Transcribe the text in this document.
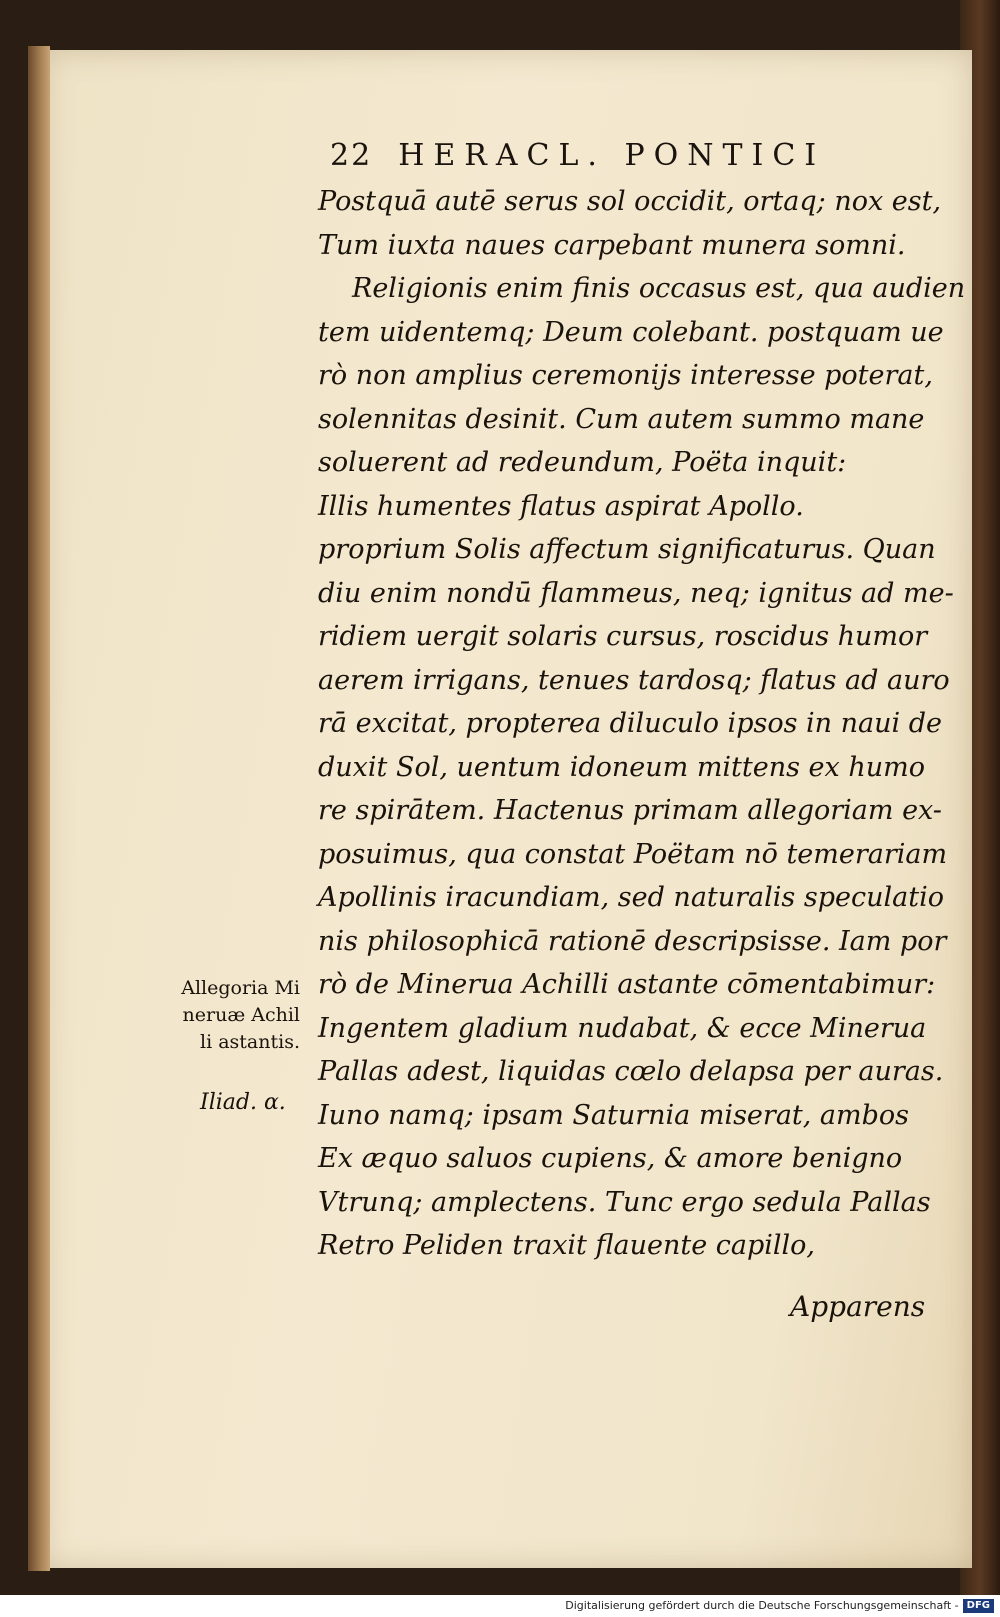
22 HERACL. PONTICI
Postquā autē serus sol occidit, ortaq; nox est,
Tum iuxta naues carpebant munera somni.
Religionis enim finis occasus est, qua audien
tem uidentemq; Deum colebant. postquam ue
rò non amplius ceremonijs interesse poterat,
solennitas desinit. Cum autem summo mane
soluerent ad redeundum, Poëta inquit:
Illis humentes flatus aspirat Apollo.
proprium Solis affectum significaturus. Quan
diu enim nondū flammeus, neq; ignitus ad me-
ridiem uergit solaris cursus, roscidus humor
aerem irrigans, tenues tardosq; flatus ad auro
rā excitat, propterea diluculo ipsos in naui de
duxit Sol, uentum idoneum mittens ex humo
re spirātem. Hactenus primam allegoriam ex-
posuimus, qua constat Poëtam nō temerariam
Apollinis iracundiam, sed naturalis speculatio
nis philosophicā rationē descripsisse. Iam por
rò de Minerua Achilli astante cōmentabimur:
Ingentem gladium nudabat, & ecce Minerua
Pallas adest, liquidas cœlo delapsa per auras.
Iuno namq; ipsam Saturnia miserat, ambos
Ex æquo saluos cupiens, & amore benigno
Vtrunq; amplectens. Tunc ergo sedula Pallas
Retro Peliden traxit flauente capillo,
Apparens
Allegoria Mi
neruæ Achil
li astantis.
Iliad. α.
Digitalisierung gefördert durch die Deutsche Forschungsgemeinschaft - DFG
